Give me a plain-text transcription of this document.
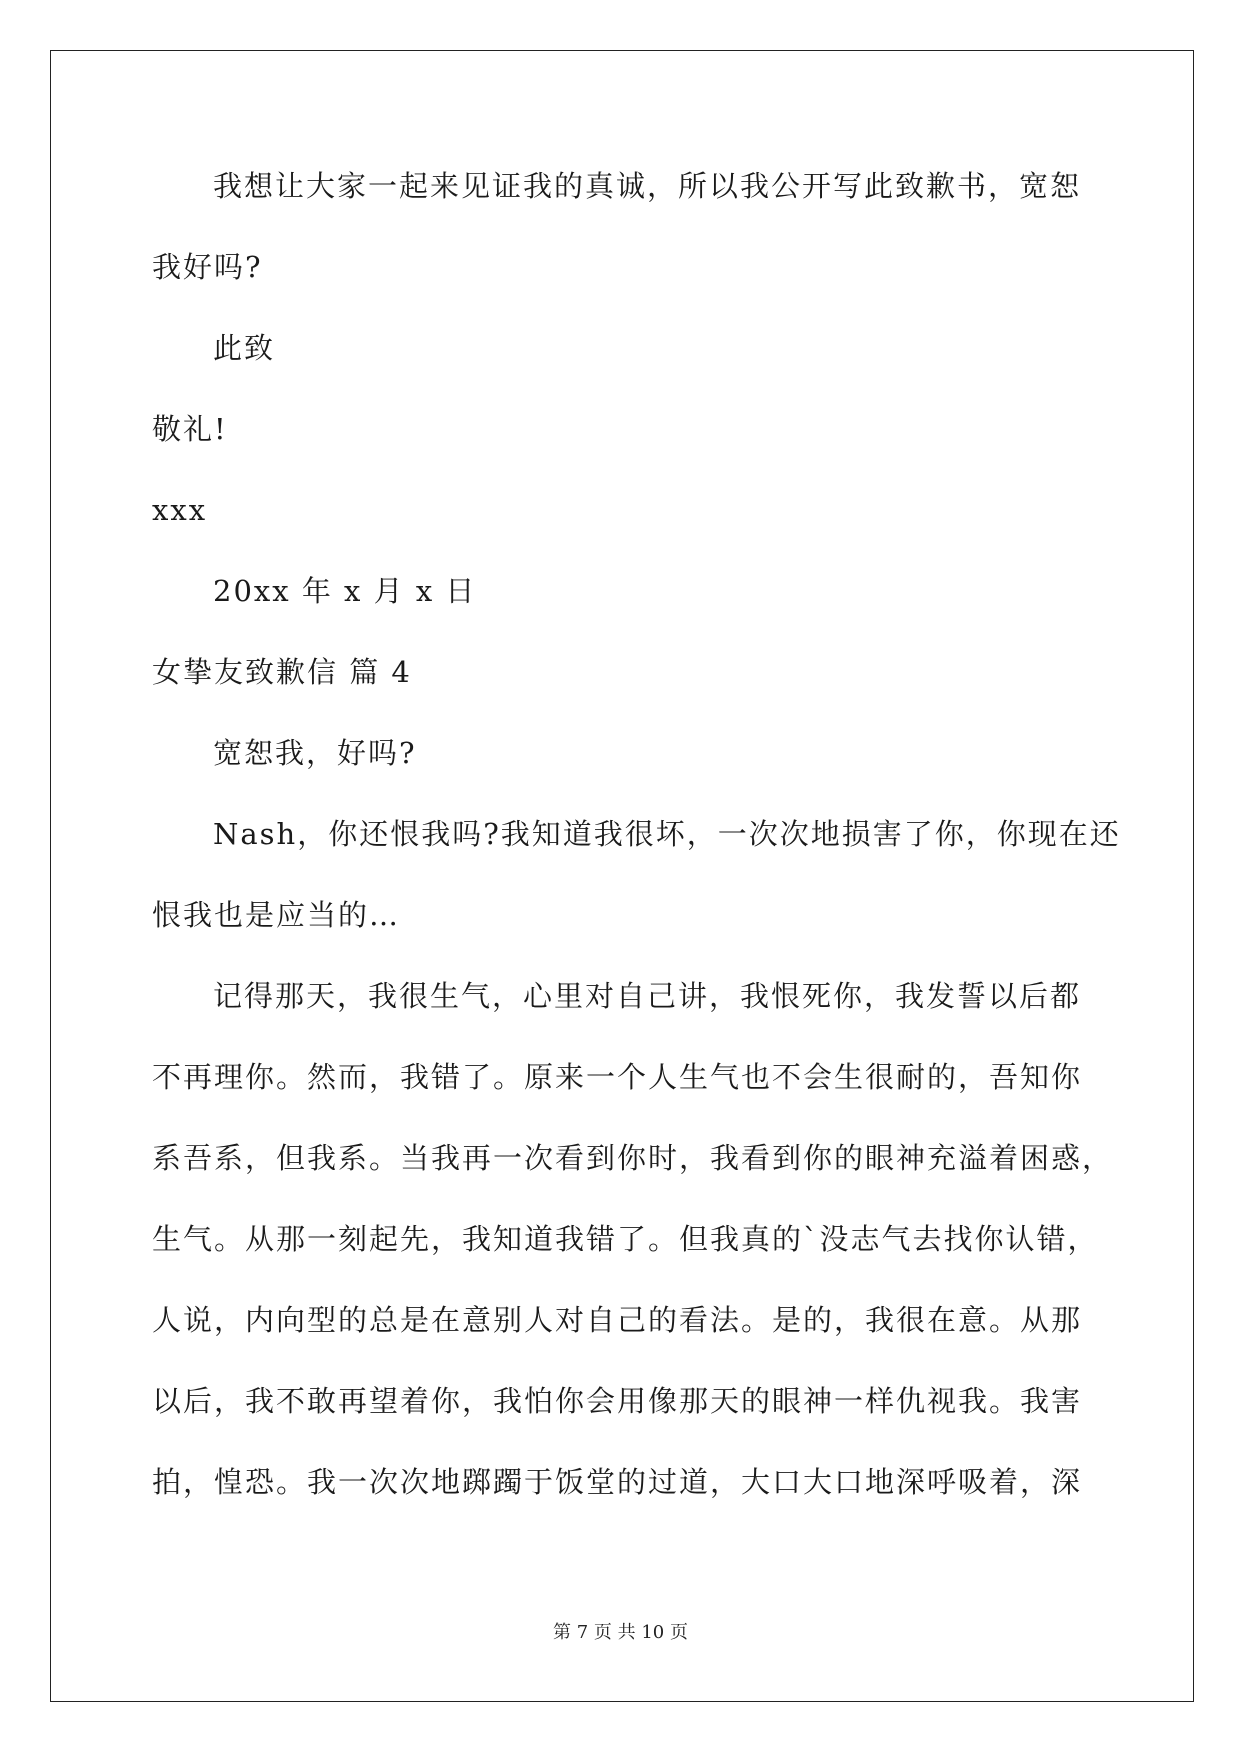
我想让大家一起来见证我的真诚，所以我公开写此致歉书，宽恕
我好吗?
此致
敬礼!
xxx
20xx 年 x 月 x 日
女挚友致歉信 篇 4
宽恕我，好吗?
Nash，你还恨我吗?我知道我很坏，一次次地损害了你，你现在还
恨我也是应当的…
记得那天，我很生气，心里对自己讲，我恨死你，我发誓以后都
不再理你。然而，我错了。原来一个人生气也不会生很耐的，吾知你
系吾系，但我系。当我再一次看到你时，我看到你的眼神充溢着困惑，
生气。从那一刻起先，我知道我错了。但我真的`没志气去找你认错，
人说，内向型的总是在意别人对自己的看法。是的，我很在意。从那
以后，我不敢再望着你，我怕你会用像那天的眼神一样仇视我。我害
拍，惶恐。我一次次地踯躅于饭堂的过道，大口大口地深呼吸着，深
第 7 页 共 10 页
